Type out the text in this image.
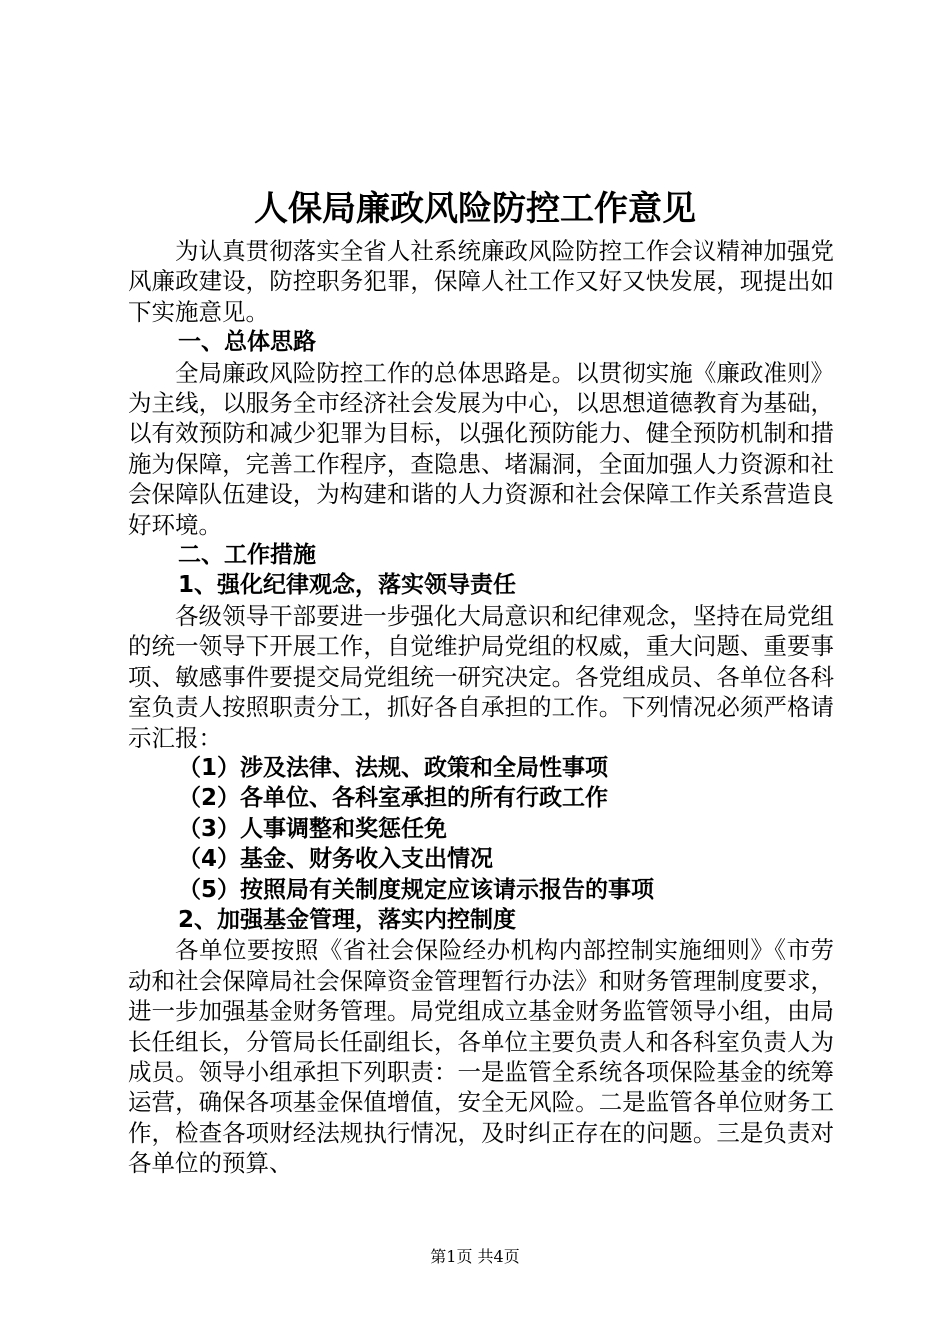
人保局廉政风险防控工作意见

为认真贯彻落实全省人社系统廉政风险防控工作会议精神加强党风廉政建设，防控职务犯罪，保障人社工作又好又快发展，现提出如下实施意见。

一、总体思路

全局廉政风险防控工作的总体思路是。以贯彻实施《廉政准则》为主线，以服务全市经济社会发展为中心，以思想道德教育为基础，以有效预防和减少犯罪为目标，以强化预防能力、健全预防机制和措施为保障，完善工作程序，查隐患、堵漏洞，全面加强人力资源和社会保障队伍建设，为构建和谐的人力资源和社会保障工作关系营造良好环境。

二、工作措施

1、强化纪律观念，落实领导责任

各级领导干部要进一步强化大局意识和纪律观念，坚持在局党组的统一领导下开展工作，自觉维护局党组的权威，重大问题、重要事项、敏感事件要提交局党组统一研究决定。各党组成员、各单位各科室负责人按照职责分工，抓好各自承担的工作。下列情况必须严格请示汇报：

（1）涉及法律、法规、政策和全局性事项

（2）各单位、各科室承担的所有行政工作

（3）人事调整和奖惩任免

（4）基金、财务收入支出情况

（5）按照局有关制度规定应该请示报告的事项

2、加强基金管理，落实内控制度

各单位要按照《省社会保险经办机构内部控制实施细则》《市劳动和社会保障局社会保障资金管理暂行办法》和财务管理制度要求，进一步加强基金财务管理。局党组成立基金财务监管领导小组，由局长任组长，分管局长任副组长，各单位主要负责人和各科室负责人为成员。领导小组承担下列职责：一是监管全系统各项保险基金的统筹运营，确保各项基金保值增值，安全无风险。二是监管各单位财务工作，检查各项财经法规执行情况，及时纠正存在的问题。三是负责对各单位的预算、

第1页 共4页
